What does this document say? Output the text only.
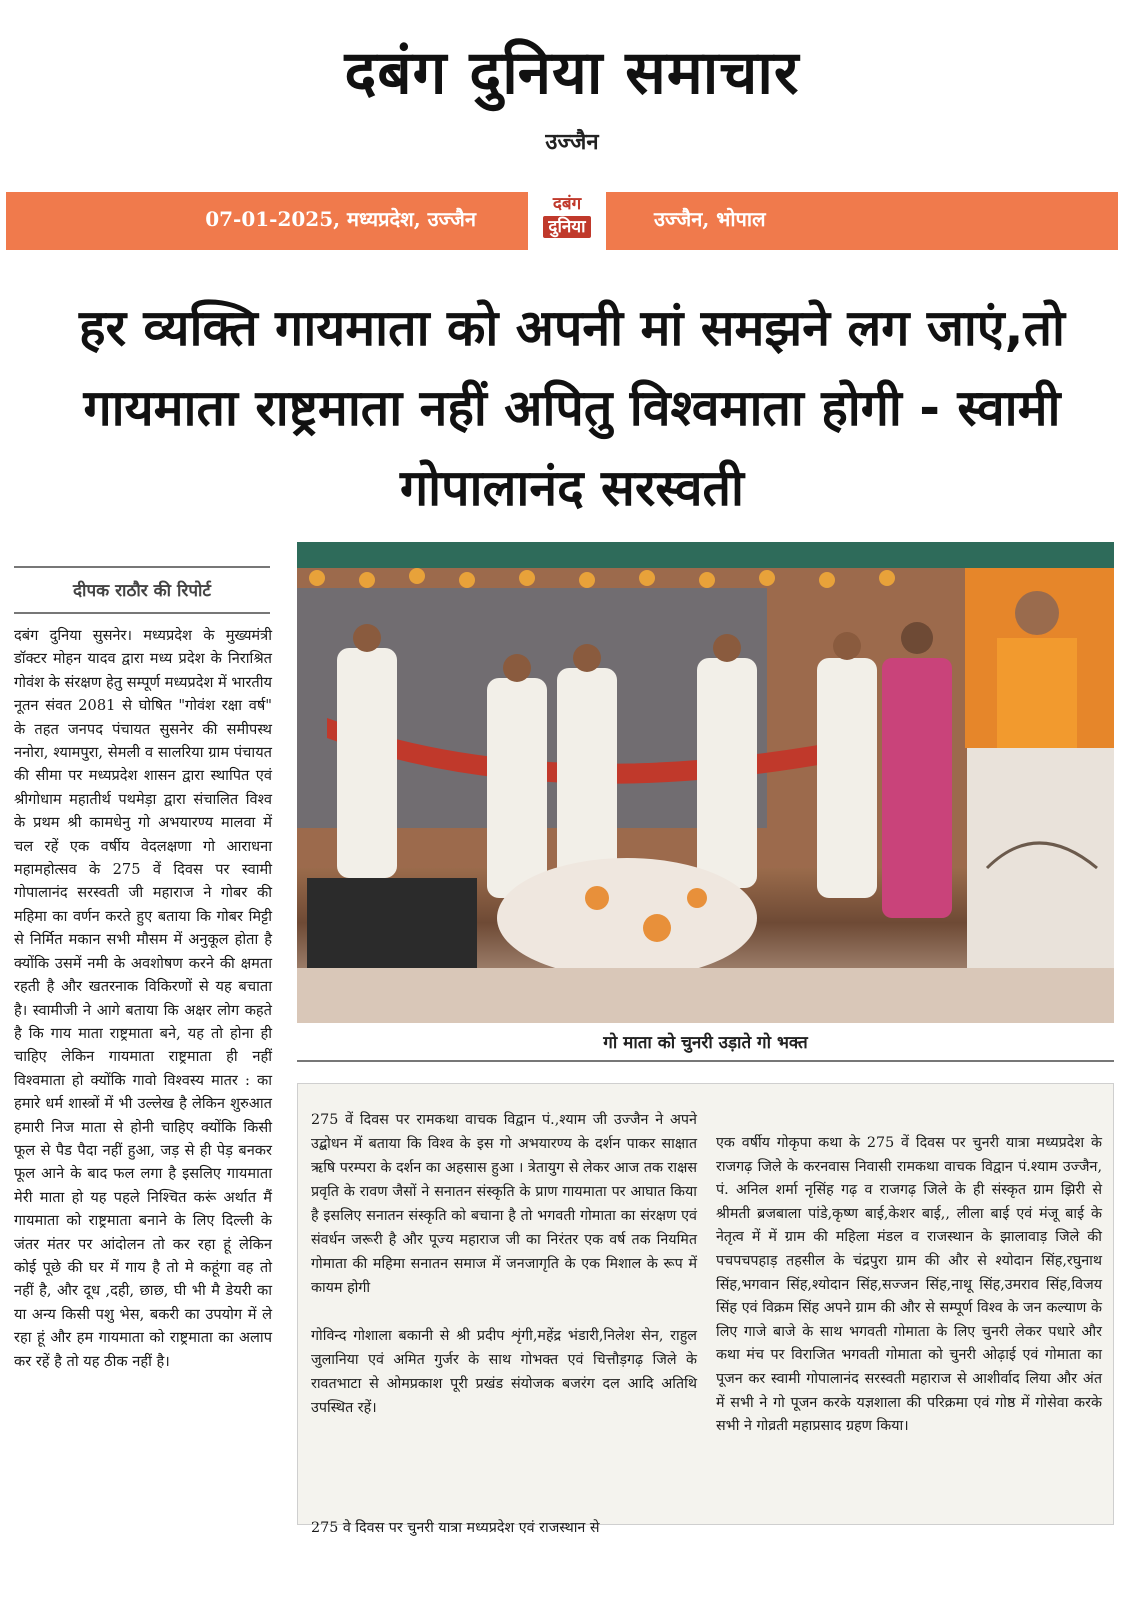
दबंग दुनिया समाचार
उज्जैन
07-01-2025, मध्यप्रदेश, उज्जैन
दबंग
दुनिया	उज्जैन, भोपाल
हर व्यक्ति गायमाता को अपनी मां समझने लग जाएं,तो गायमाता राष्ट्रमाता नहीं अपितु विश्वमाता होगी - स्वामी गोपालानंद सरस्वती
दीपक राठौर की रिपोर्ट
दबंग दुनिया सुसनेर। मध्यप्रदेश के मुख्यमंत्री डॉक्टर मोहन यादव द्वारा मध्य प्रदेश के निराश्रित गोवंश के संरक्षण हेतु सम्पूर्ण मध्यप्रदेश में भारतीय नूतन संवत 2081 से घोषित "गोवंश रक्षा वर्ष" के तहत जनपद पंचायत सुसनेर की समीपस्थ ननोरा, श्यामपुरा, सेमली व सालरिया ग्राम पंचायत की सीमा पर मध्यप्रदेश शासन द्वारा स्थापित एवं श्रीगोधाम महातीर्थ पथमेड़ा द्वारा संचालित विश्व के प्रथम श्री कामधेनु गो अभयारण्य मालवा में चल रहें एक वर्षीय वेदलक्षणा गो आराधना महामहोत्सव के 275 वें दिवस पर स्वामी गोपालानंद सरस्वती जी महाराज ने गोबर की महिमा का वर्णन करते हुए बताया कि गोबर मिट्टी से निर्मित मकान सभी मौसम में अनुकूल होता है क्योंकि उसमें नमी के अवशोषण करने की क्षमता रहती है और खतरनाक विकिरणों से यह बचाता है। स्वामीजी ने आगे बताया कि अक्षर लोग कहते है कि गाय माता राष्ट्रमाता बने, यह तो होना ही चाहिए लेकिन गायमाता राष्ट्रमाता ही नहीं विश्वमाता हो क्योंकि गावो विश्वस्य मातर : का हमारे धर्म शास्त्रों में भी उल्लेख है लेकिन शुरुआत हमारी निज माता से होनी चाहिए क्योंकि किसी फूल से पैड पैदा नहीं हुआ, जड़ से ही पेड़ बनकर फूल आने के बाद फल लगा है इसलिए गायमाता मेरी माता हो यह पहले निश्चित करूं अर्थात मैं गायमाता को राष्ट्रमाता बनाने के लिए दिल्ली के जंतर मंतर पर आंदोलन तो कर रहा हूं लेकिन कोई पूछे की घर में गाय है तो मे कहूंगा वह तो नहीं है, और दूध ,दही, छाछ, घी भी मै डेयरी का या अन्य किसी पशु भेस, बकरी का उपयोग में ले रहा हूं और हम गायमाता को राष्ट्रमाता का अलाप कर रहें है तो यह ठीक नहीं है।
गो माता को चुनरी उड़ाते गो भक्त

275 वें दिवस पर रामकथा वाचक विद्वान पं.,श्याम जी उज्जैन ने अपने उद्बोधन में बताया कि विश्व के इस गो अभयारण्य के दर्शन पाकर साक्षात ऋषि परम्परा के दर्शन का अहसास हुआ । त्रेतायुग से लेकर आज तक राक्षस प्रवृति के रावण जैसों ने सनातन संस्कृति के प्राण गायमाता पर आघात किया है इसलिए सनातन संस्कृति को बचाना है तो भगवती गोमाता का संरक्षण एवं संवर्धन जरूरी है और पूज्य महाराज जी का निरंतर एक वर्ष तक नियमित गोमाता की महिमा सनातन समाज में जनजागृति के एक मिशाल के रूप में कायम होगी

गोविन्द गोशाला बकानी से श्री प्रदीप शृंगी,महेंद्र भंडारी,निलेश सेन, राहुल जुलानिया एवं अमित गुर्जर के साथ गोभक्त एवं चित्तौड़गढ़ जिले के रावतभाटा से ओमप्रकाश पूरी प्रखंड संयोजक बजरंग दल आदि अतिथि उपस्थित रहें।

275 वे दिवस पर चुनरी यात्रा मध्यप्रदेश एवं राजस्थान से

एक वर्षीय गोकृपा कथा के 275 वें दिवस पर चुनरी यात्रा मध्यप्रदेश के राजगढ़ जिले के करनवास निवासी रामकथा वाचक विद्वान पं.श्याम उज्जैन, पं. अनिल शर्मा नृसिंह गढ़ व राजगढ़ जिले के ही संस्कृत ग्राम झिरी से श्रीमती ब्रजबाला पांडे,कृष्ण बाई,केशर बाई,, लीला बाई एवं मंजू बाई के नेतृत्व में में ग्राम की महिला मंडल व राजस्थान के झालावाड़ जिले की पचपचपहाड़ तहसील के चंद्रपुरा ग्राम की और से श्योदान सिंह,रघुनाथ सिंह,भगवान सिंह,श्योदान सिंह,सज्जन सिंह,नाथू सिंह,उमराव सिंह,विजय सिंह एवं विक्रम सिंह अपने ग्राम की और से सम्पूर्ण विश्व के जन कल्याण के लिए गाजे बाजे के साथ भगवती गोमाता के लिए चुनरी लेकर पधारे और कथा मंच पर विराजित भगवती गोमाता को चुनरी ओढ़ाई एवं गोमाता का पूजन कर स्वामी गोपालानंद सरस्वती महाराज से आशीर्वाद लिया और अंत में सभी ने गो पूजन करके यज्ञशाला की परिक्रमा एवं गोष्ठ में गोसेवा करके सभी ने गोव्रती महाप्रसाद ग्रहण किया।
